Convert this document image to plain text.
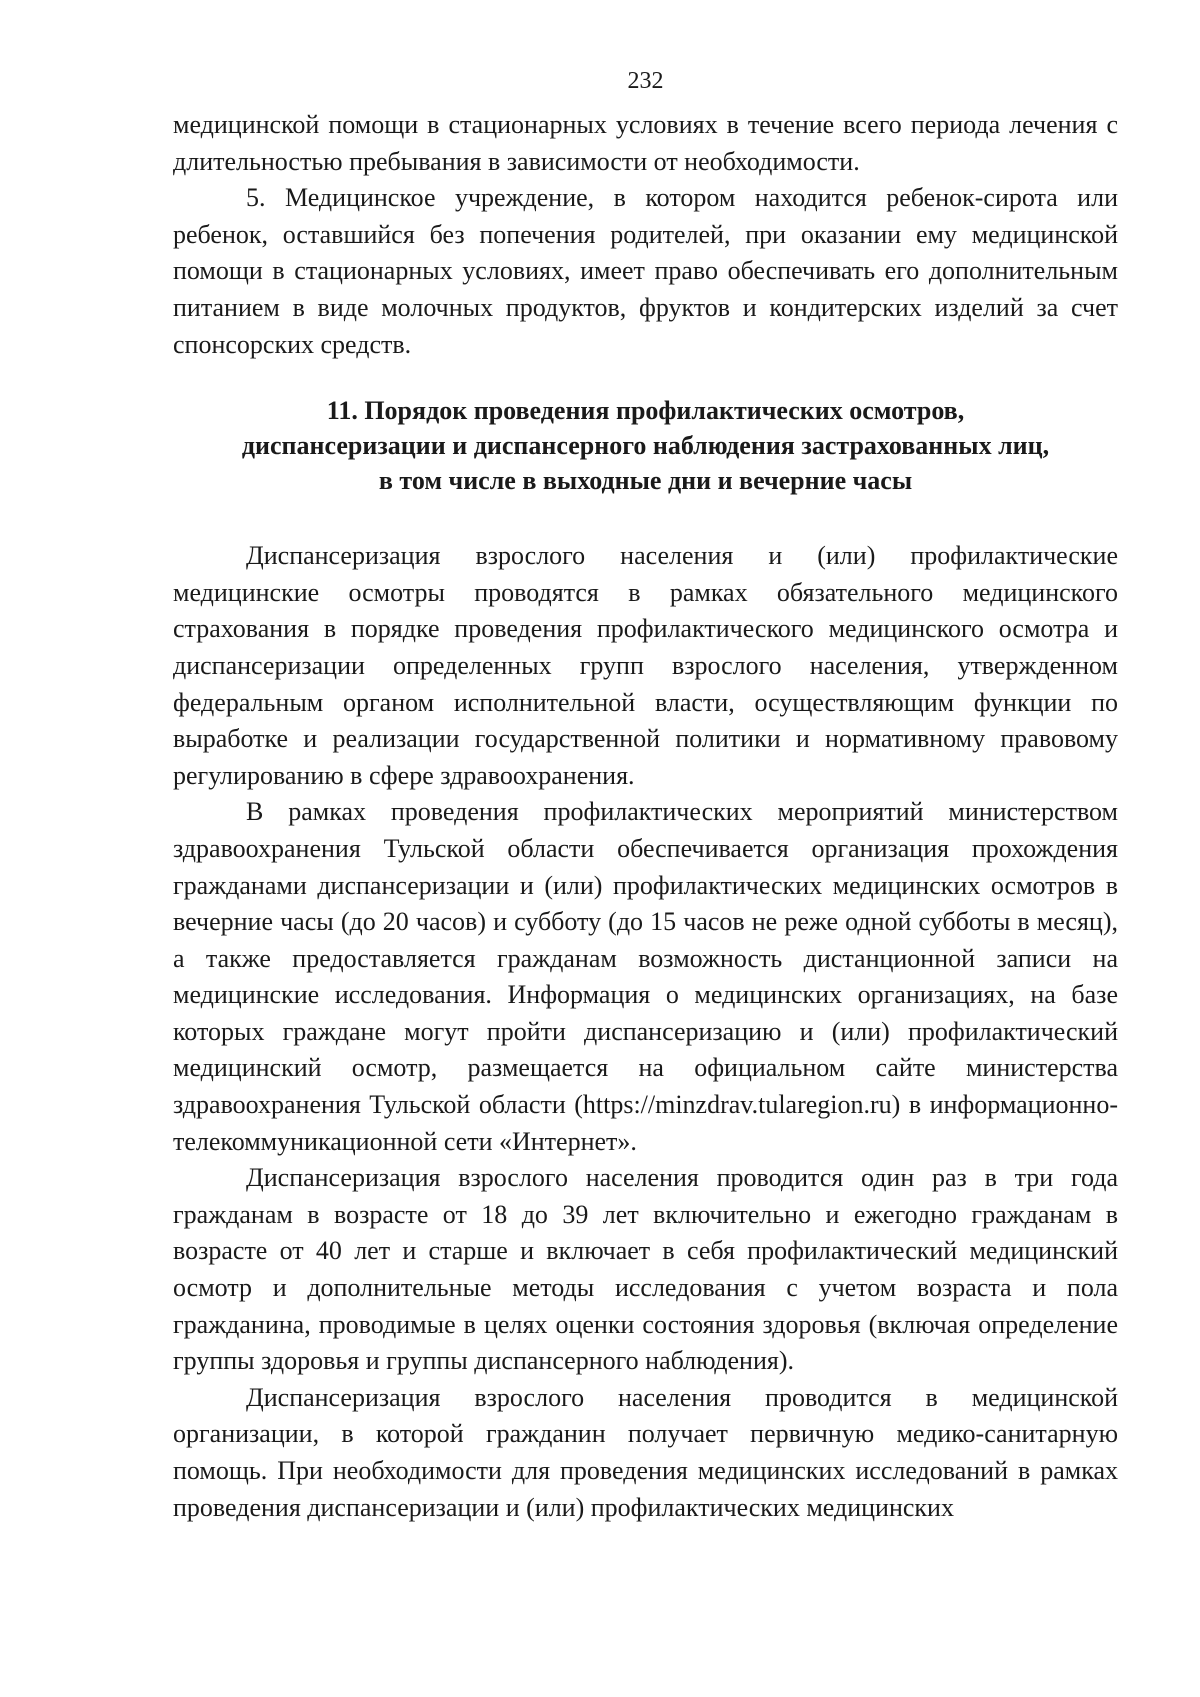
232

медицинской помощи в стационарных условиях в течение всего периода лечения с длительностью пребывания в зависимости от необходимости.

5. Медицинское учреждение, в котором находится ребенок-сирота или ребенок, оставшийся без попечения родителей, при оказании ему медицинской помощи в стационарных условиях, имеет право обеспечивать его дополнительным питанием в виде молочных продуктов, фруктов и кондитерских изделий за счет спонсорских средств.

11. Порядок проведения профилактических осмотров,
диспансеризации и диспансерного наблюдения застрахованных лиц,
в том числе в выходные дни и вечерние часы

Диспансеризация взрослого населения и (или) профилактические медицинские осмотры проводятся в рамках обязательного медицинского страхования в порядке проведения профилактического медицинского осмотра и диспансеризации определенных групп взрослого населения, утвержденном федеральным органом исполнительной власти, осуществляющим функции по выработке и реализации государственной политики и нормативному правовому регулированию в сфере здравоохранения.

В рамках проведения профилактических мероприятий министерством здравоохранения Тульской области обеспечивается организация прохождения гражданами диспансеризации и (или) профилактических медицинских осмотров в вечерние часы (до 20 часов) и субботу (до 15 часов не реже одной субботы в месяц), а также предоставляется гражданам возможность дистанционной записи на медицинские исследования. Информация о медицинских организациях, на базе которых граждане могут пройти диспансеризацию и (или) профилактический медицинский осмотр, размещается на официальном сайте министерства здравоохранения Тульской области (https://minzdrav.tularegion.ru) в информационно-телекоммуникационной сети «Интернет».

Диспансеризация взрослого населения проводится один раз в три года гражданам в возрасте от 18 до 39 лет включительно и ежегодно гражданам в возрасте от 40 лет и старше и включает в себя профилактический медицинский осмотр и дополнительные методы исследования с учетом возраста и пола гражданина, проводимые в целях оценки состояния здоровья (включая определение группы здоровья и группы диспансерного наблюдения).

Диспансеризация взрослого населения проводится в медицинской организации, в которой гражданин получает первичную медико-санитарную помощь. При необходимости для проведения медицинских исследований в рамках проведения диспансеризации и (или) профилактических медицинских
